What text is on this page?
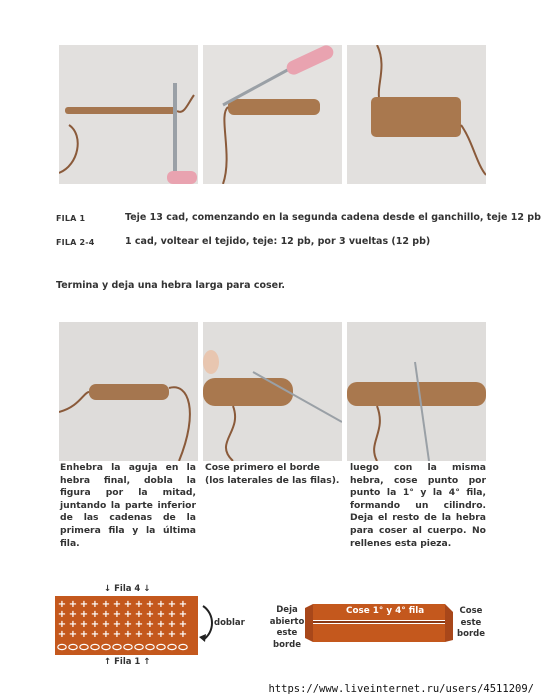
FILA 1	Teje 13 cad, comenzando en la segunda cadena desde el ganchillo, teje 12 pb
FILA 2-4	1 cad, voltear el tejido, teje: 12 pb, por 3 vueltas (12 pb)
Termina y deja una hebra larga para coser.
Enhebra la aguja en la hebra final, dobla la figura por la mitad, juntando la parte inferior de las cadenas de la primera fila y la última fila.
Cose primero el borde (los laterales de las filas).
luego con la misma hebra, cose punto por punto la 1° y la 4° fila, formando un cilindro. Deja el resto de la hebra para coser al cuerpo. No rellenes esta pieza.
↓ Fila 4 ↓
+ + + + + + + + + + + +
+ + + + + + + + + + + +
+ + + + + + + + + + + +
+ + + + + + + + + + + +
↑ Fila 1 ↑
doblar
Deja
abierto
este
borde
Cose 1° y 4° fila	Cose
este
borde
https://www.liveinternet.ru/users/4511209/
